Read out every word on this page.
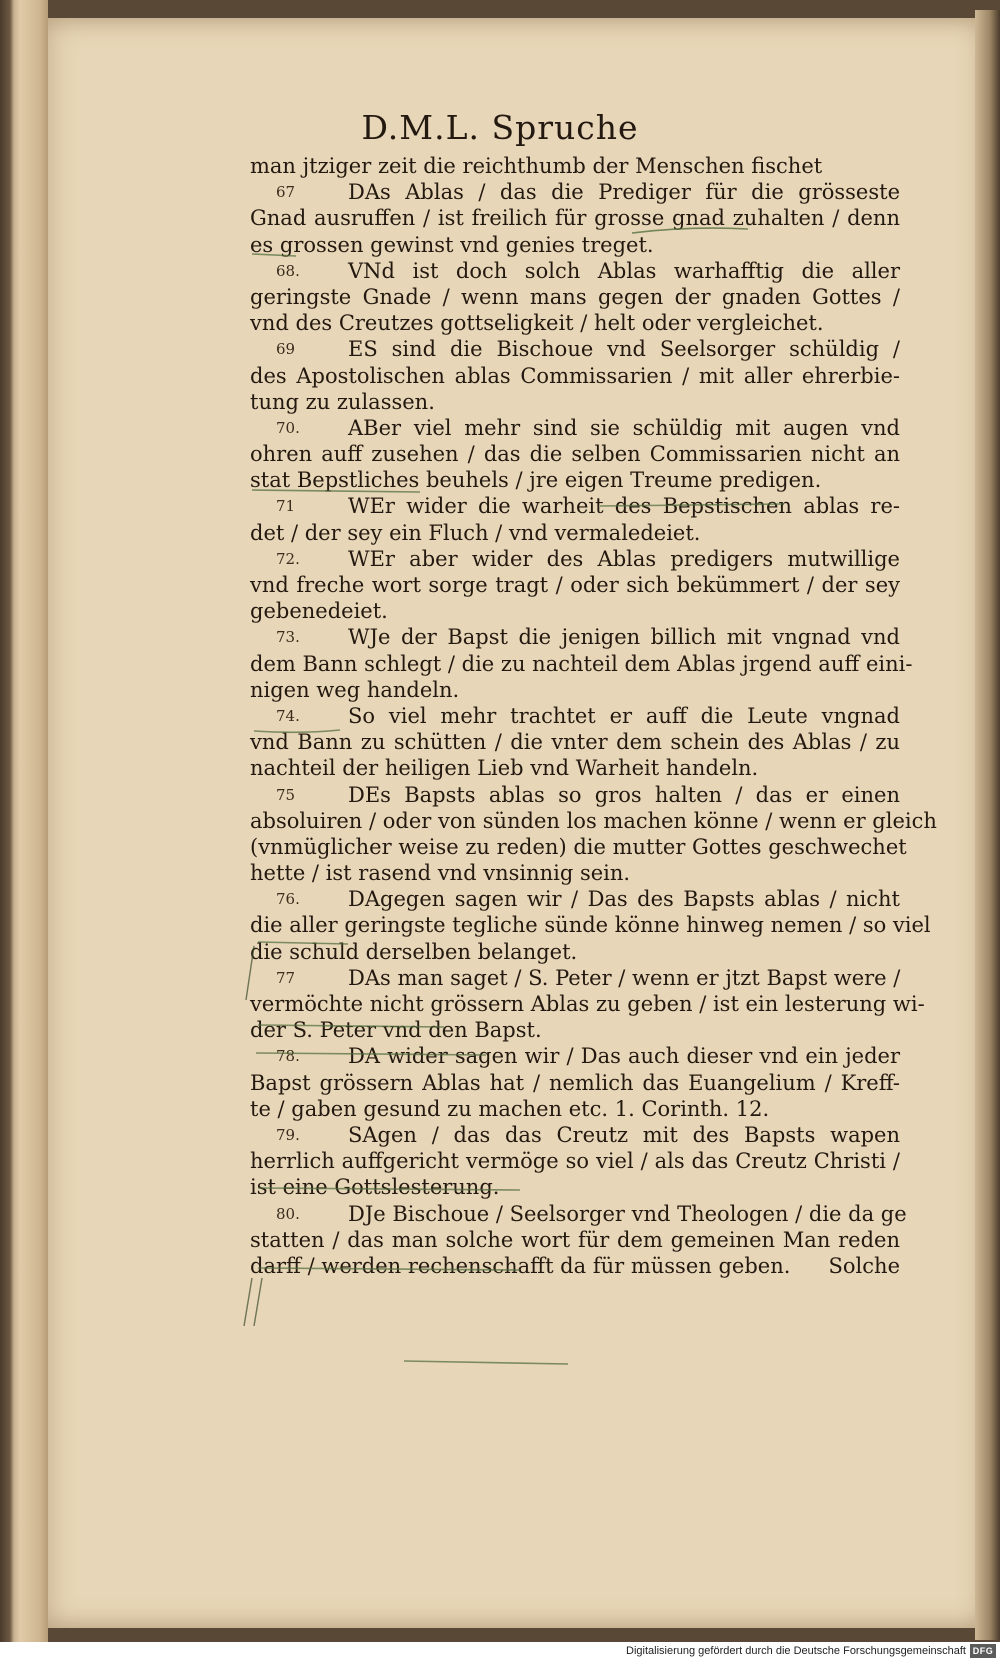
D.M.L. Spruche
man jtziger zeit die reichthumb der Menschen fischet
67	DAs Ablas / das die Prediger für die grösseste
Gnad ausruffen / ist freilich für grosse gnad zuhalten / denn
es grossen gewinst vnd genies treget.
68. VNd ist doch solch Ablas warhafftig die aller
geringste Gnade / wenn mans gegen der gnaden Gottes /
vnd des Creutzes gottseligkeit / helt oder vergleichet.
69	ES sind die Bischoue vnd Seelsorger schüldig /
des Apostolischen ablas Commissarien / mit aller ehrerbie-
tung zu zulassen.
70. ABer viel mehr sind sie schüldig mit augen vnd
ohren auff zusehen / das die selben Commissarien nicht an
stat Bepstliches beuhels / jre eigen Treume predigen.
71	WEr wider die warheit des Bepstischen ablas re-
det / der sey ein Fluch / vnd vermaledeiet.
72. WEr aber wider des Ablas predigers mutwillige
vnd freche wort sorge tragt / oder sich bekümmert / der sey
gebenedeiet.
73. WJe der Bapst die jenigen billich mit vngnad vnd
dem Bann schlegt / die zu nachteil dem Ablas jrgend auff eini-
nigen weg handeln.
74. So viel mehr trachtet er auff die Leute vngnad
vnd Bann zu schütten / die vnter dem schein des Ablas / zu
nachteil der heiligen Lieb vnd Warheit handeln.
75	DEs Bapsts ablas so gros halten / das er einen
absoluiren / oder von sünden los machen könne / wenn er gleich
(vnmüglicher weise zu reden) die mutter Gottes geschwechet
hette / ist rasend vnd vnsinnig sein.
76. DAgegen sagen wir / Das des Bapsts ablas / nicht
die aller geringste tegliche sünde könne hinweg nemen / so viel
die schuld derselben belanget.
77	DAs man saget / S. Peter / wenn er jtzt Bapst were /
vermöchte nicht grössern Ablas zu geben / ist ein lesterung wi-
der S. Peter vnd den Bapst.
78. DA wider sagen wir / Das auch dieser vnd ein jeder
Bapst grössern Ablas hat / nemlich das Euangelium / Kreff-
te / gaben gesund zu machen etc. 1. Corinth. 12.
79. SAgen / das das Creutz mit des Bapsts wapen
herrlich auffgericht vermöge so viel / als das Creutz Christi /
ist eine Gottslesterung.
80. DJe Bischoue / Seelsorger vnd Theologen / die da ge
statten / das man solche wort für dem gemeinen Man reden
darff / werden rechenschafft da für müssen geben. Solche
Digitalisierung gefördert durch die Deutsche Forschungsgemeinschaft DFG
